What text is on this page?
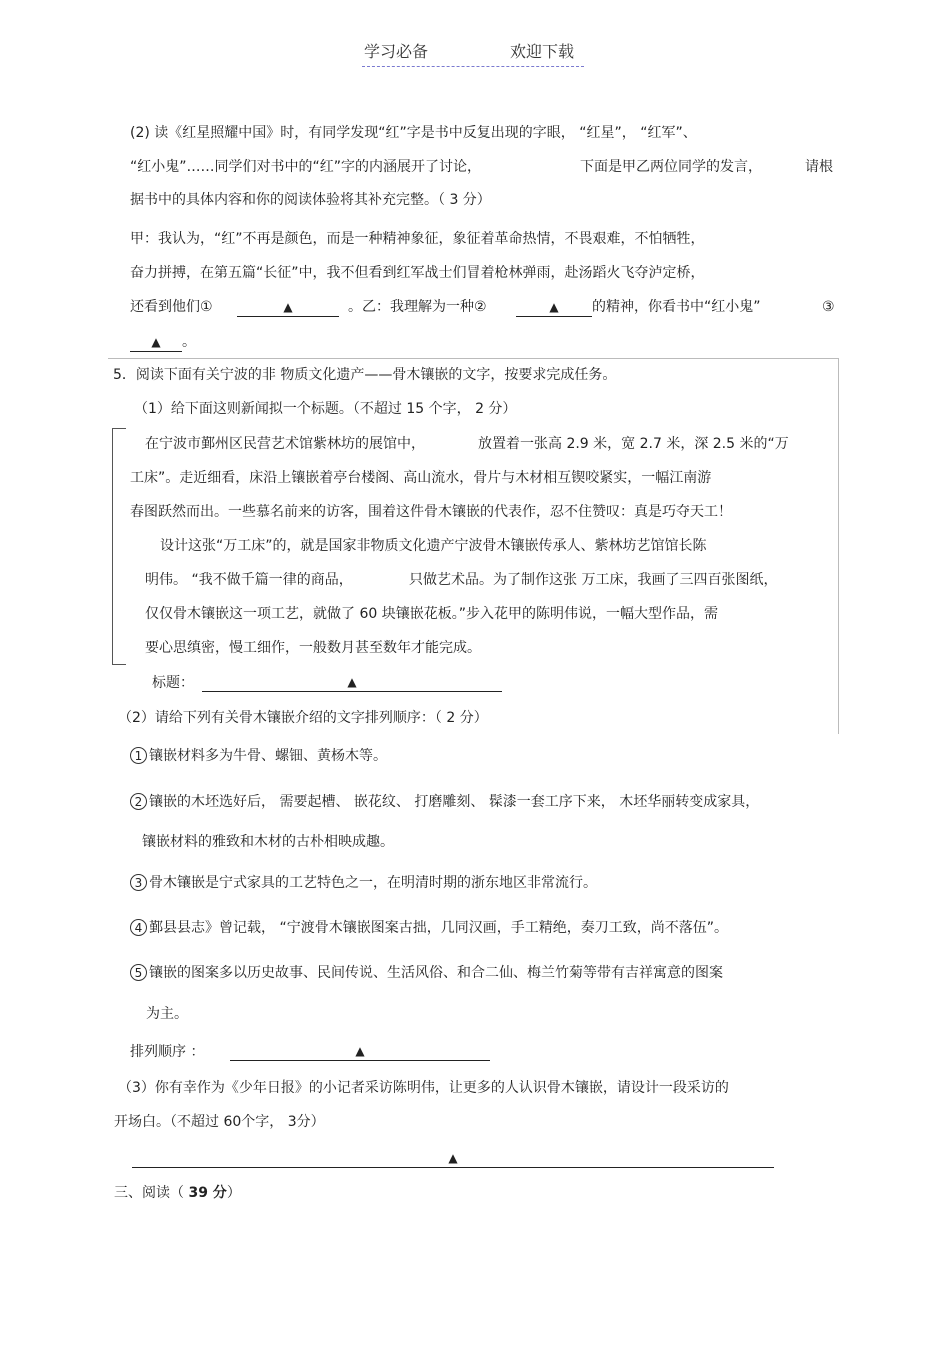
学习必备	欢迎下载
(2) 读《红星照耀中国》时，有同学发现“红”字是书中反复出现的字眼， “红星”， “红军”、
“红小鬼”……同学们对书中的“红”字的内涵展开了讨论，	下面是甲乙两位同学的发言，	请根
据书中的具体内容和你的阅读体验将其补充完整。（ 3 分）
甲：我认为，“红”不再是颜色，而是一种精神象征，象征着革命热情，不畏艰难，不怕牺牲，
奋力拼搏，在第五篇“长征”中，我不但看到红军战士们冒着枪林弹雨，赴汤蹈火飞夺泸定桥，
还看到他们①	▲	。乙：我理解为一种②	▲	的精神，你看书中“红小鬼”	③
▲ 。
5．阅读下面有关宁波的非 物质文化遗产——骨木镶嵌的文字，按要求完成任务。
（1）给下面这则新闻拟一个标题。（不超过 15 个字， 2 分）
在宁波市鄞州区民营艺术馆紫林坊的展馆中，	放置着一张高 2.9 米，宽 2.7 米，深 2.5 米的“万
工床”。走近细看，床沿上镶嵌着亭台楼阁、高山流水，骨片与木材相互锲咬紧实，一幅江南游
春图跃然而出。一些慕名前来的访客，围着这件骨木镶嵌的代表作，忍不住赞叹：真是巧夺天工！
设计这张“万工床”的，就是国家非物质文化遗产宁波骨木镶嵌传承人、紫林坊艺馆馆长陈
明伟。 “我不做千篇一律的商品，	只做艺术品。为了制作这张 万工床，我画了三四百张图纸，
仅仅骨木镶嵌这一项工艺，就做了 60 块镶嵌花板。”步入花甲的陈明伟说，一幅大型作品，需
要心思缜密，慢工细作，一般数月甚至数年才能完成。
标题：	▲
（2）请给下列有关骨木镶嵌介绍的文字排列顺序：（ 2 分）
1 镶嵌材料多为牛骨、螺钿、黄杨木等。
2 镶嵌的木坯选好后， 需要起槽、 嵌花纹、 打磨雕刻、 髹漆一套工序下来， 木坯华丽转变成家具，
镶嵌材料的雅致和木材的古朴相映成趣。
3 骨木镶嵌是宁式家具的工艺特色之一，在明清时期的浙东地区非常流行。
4 鄞县县志》曾记载， “宁渡骨木镶嵌图案古拙，几同汉画，手工精绝，奏刀工致，尚不落伍”。
5 镶嵌的图案多以历史故事、民间传说、生活风俗、和合二仙、梅兰竹菊等带有吉祥寓意的图案
为主。
排列顺序 ：	▲
（3）你有幸作为《少年日报》的小记者采访陈明伟，让更多的人认识骨木镶嵌，请设计一段采访的
开场白。（不超过 60个字， 3分）
▲
三、阅读（ 39 分）
